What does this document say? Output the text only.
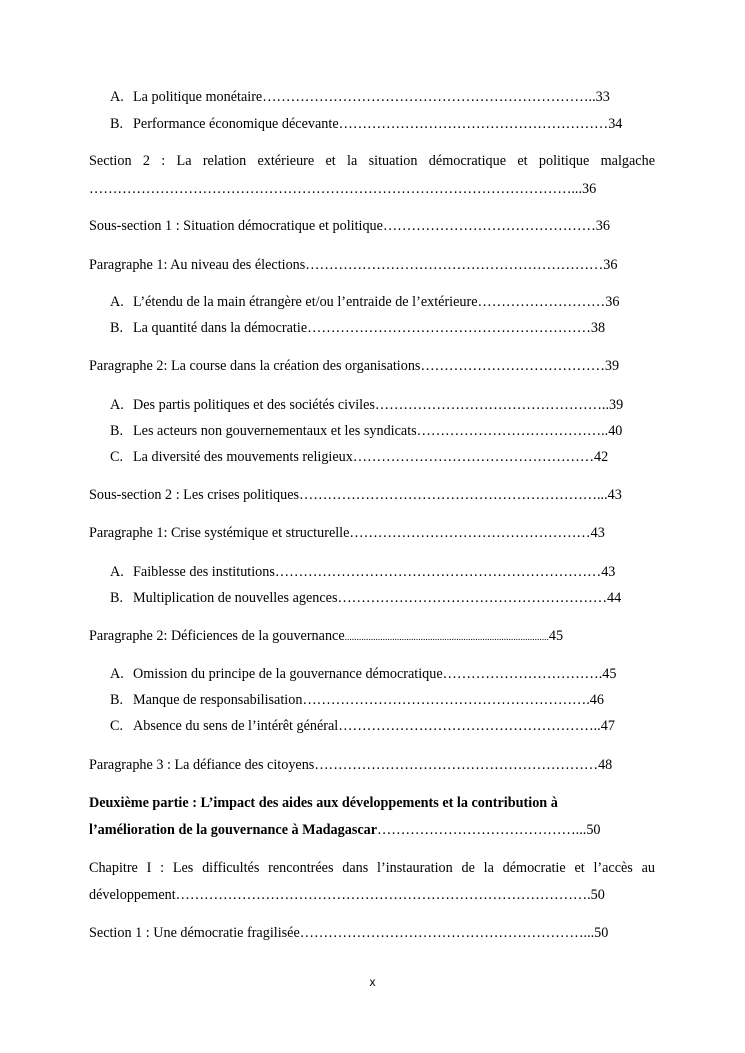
A. La politique monétaire……………………………………………………………..33
B. Performance économique décevante…………………………………………………34
Section 2 : La relation extérieure et la situation démocratique et politique malgache
…………………………………………………………………………………………...36
Sous-section 1 : Situation démocratique et politique………………………………………36
Paragraphe 1: Au niveau des élections………………………………………………………36
A. L’étendu de la main étrangère et/ou l’entraide de l’extérieure………………………36
B. La quantité dans la démocratie……………………………………………………38
Paragraphe 2: La course dans la création des organisations…………………………………39
A. Des partis politiques et des sociétés civiles…………………………………………..39
B. Les acteurs non gouvernementaux et les syndicats…………………………………..40
C. La diversité des mouvements religieux……………………………………………42
Sous-section 2 : Les crises politiques………………………………………………………...43
Paragraphe 1: Crise systémique et structurelle……………………………………………43
A. Faiblesse des institutions……………………………………………………………43
B. Multiplication de nouvelles agences…………………………………………………44
Paragraphe 2: Déficiences de la gouvernance......................................................................................45
A. Omission du principe de la gouvernance démocratique…………………………….45
B. Manque de responsabilisation…………………………………………………….46
C. Absence du sens de l’intérêt général………………………………………………..47
Paragraphe 3 : La défiance des citoyens……………………………………………………48
Deuxième partie : L’impact des aides aux développements et la contribution à
l’amélioration de la gouvernance à Madagascar……………………………………...50
Chapitre I : Les difficultés rencontrées dans l’instauration de la démocratie et l’accès au
développement…………………………………………………………………………….50
Section 1 : Une démocratie fragilisée……………………………………………………...50
x
